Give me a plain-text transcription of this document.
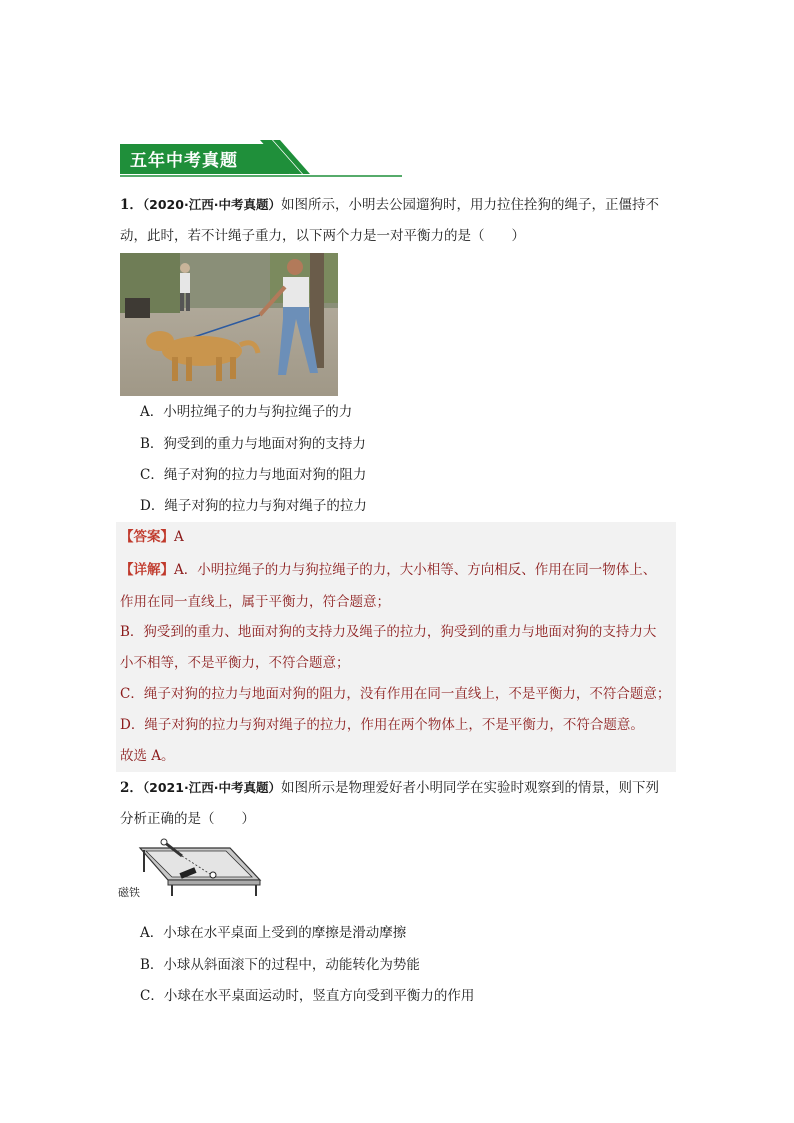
五年中考真题
1．（2020·江西·中考真题）如图所示，小明去公园遛狗时，用力拉住拴狗的绳子，正僵持不
动，此时，若不计绳子重力，以下两个力是一对平衡力的是（　　）
A．小明拉绳子的力与狗拉绳子的力
B．狗受到的重力与地面对狗的支持力
C．绳子对狗的拉力与地面对狗的阻力
D．绳子对狗的拉力与狗对绳子的拉力
【答案】A
【详解】A．小明拉绳子的力与狗拉绳子的力，大小相等、方向相反、作用在同一物体上、
作用在同一直线上，属于平衡力，符合题意；
B．狗受到的重力、地面对狗的支持力及绳子的拉力，狗受到的重力与地面对狗的支持力大
小不相等，不是平衡力，不符合题意；
C．绳子对狗的拉力与地面对狗的阻力，没有作用在同一直线上，不是平衡力，不符合题意；
D．绳子对狗的拉力与狗对绳子的拉力，作用在两个物体上，不是平衡力，不符合题意。
故选 A。
2．（2021·江西·中考真题）如图所示是物理爱好者小明同学在实验时观察到的情景，则下列
分析正确的是（　　）
磁铁
A．小球在水平桌面上受到的摩擦是滑动摩擦
B．小球从斜面滚下的过程中，动能转化为势能
C．小球在水平桌面运动时，竖直方向受到平衡力的作用
